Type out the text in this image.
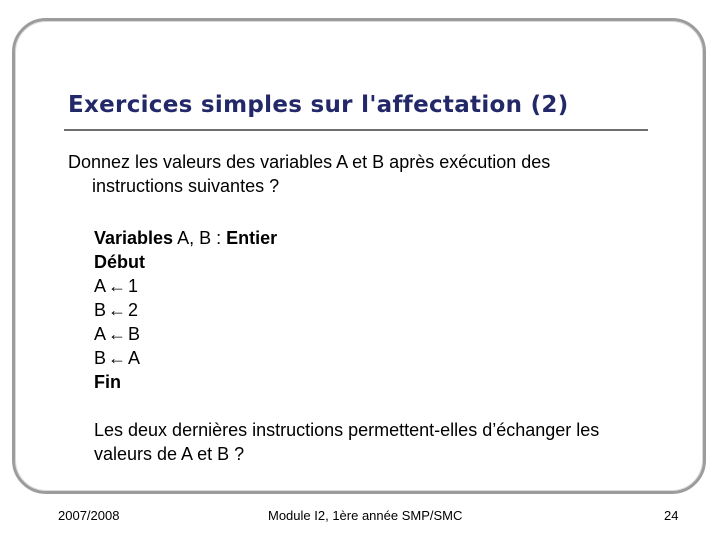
Exercices simples sur l'affectation (2)

Donnez les valeurs des variables A et B après exécution des
instructions suivantes ?

Variables A, B : Entier
Début
A ← 1
B ← 2
A ← B
B ← A
Fin

Les deux dernières instructions permettent-elles d’échanger les
valeurs de A et B ?

2007/2008	Module I2, 1ère année SMP/SMC	24
